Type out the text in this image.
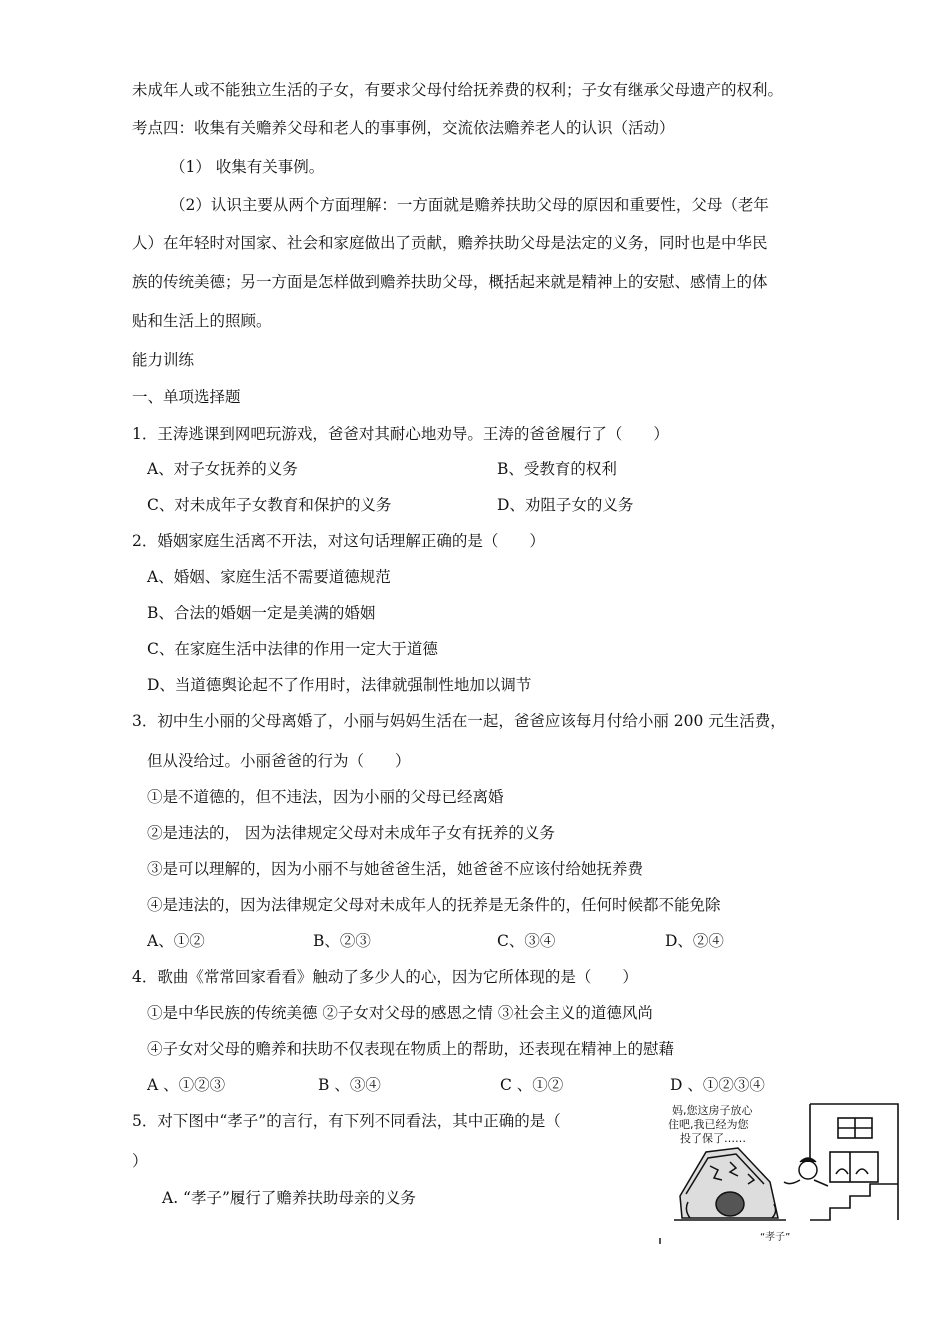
未成年人或不能独立生活的子女，有要求父母付给抚养费的权利；子女有继承父母遗产的权利。
考点四：收集有关赡养父母和老人的事事例，交流依法赡养老人的认识（活动）
（1） 收集有关事例。
（2）认识主要从两个方面理解：一方面就是赡养扶助父母的原因和重要性，父母（老年
人）在年轻时对国家、社会和家庭做出了贡献，赡养扶助父母是法定的义务，同时也是中华民
族的传统美德；另一方面是怎样做到赡养扶助父母，概括起来就是精神上的安慰、感情上的体
贴和生活上的照顾。
能力训练
一、单项选择题
1．王涛逃课到网吧玩游戏，爸爸对其耐心地劝导。王涛的爸爸履行了（　　）
A、对子女抚养的义务	B、受教育的权利
C、对未成年子女教育和保护的义务	D、劝阻子女的义务
2．婚姻家庭生活离不开法，对这句话理解正确的是（　　）
A、婚姻、家庭生活不需要道德规范
B、合法的婚姻一定是美满的婚姻
C、在家庭生活中法律的作用一定大于道德
D、当道德舆论起不了作用时，法律就强制性地加以调节
3．初中生小丽的父母离婚了，小丽与妈妈生活在一起，爸爸应该每月付给小丽 200 元生活费，
但从没给过。小丽爸爸的行为（　　）
①是不道德的，但不违法，因为小丽的父母已经离婚
②是违法的， 因为法律规定父母对未成年子女有抚养的义务
③是可以理解的，因为小丽不与她爸爸生活，她爸爸不应该付给她抚养费
④是违法的，因为法律规定父母对未成年人的抚养是无条件的，任何时候都不能免除
A、①②	B、②③	C、③④	D、②④
4．歌曲《常常回家看看》触动了多少人的心，因为它所体现的是（　　）
①是中华民族的传统美德 ②子女对父母的感恩之情 ③社会主义的道德风尚
④子女对父母的赡养和扶助不仅表现在物质上的帮助，还表现在精神上的慰藉
A 、①②③	B 、③④	C 、①②	D 、①②③④
5．对下图中“孝子”的言行，有下列不同看法，其中正确的是（
）
A. “孝子”履行了赡养扶助母亲的义务
妈,您这房子放心
住吧,我已经为您
投了保了……
“孝子”
